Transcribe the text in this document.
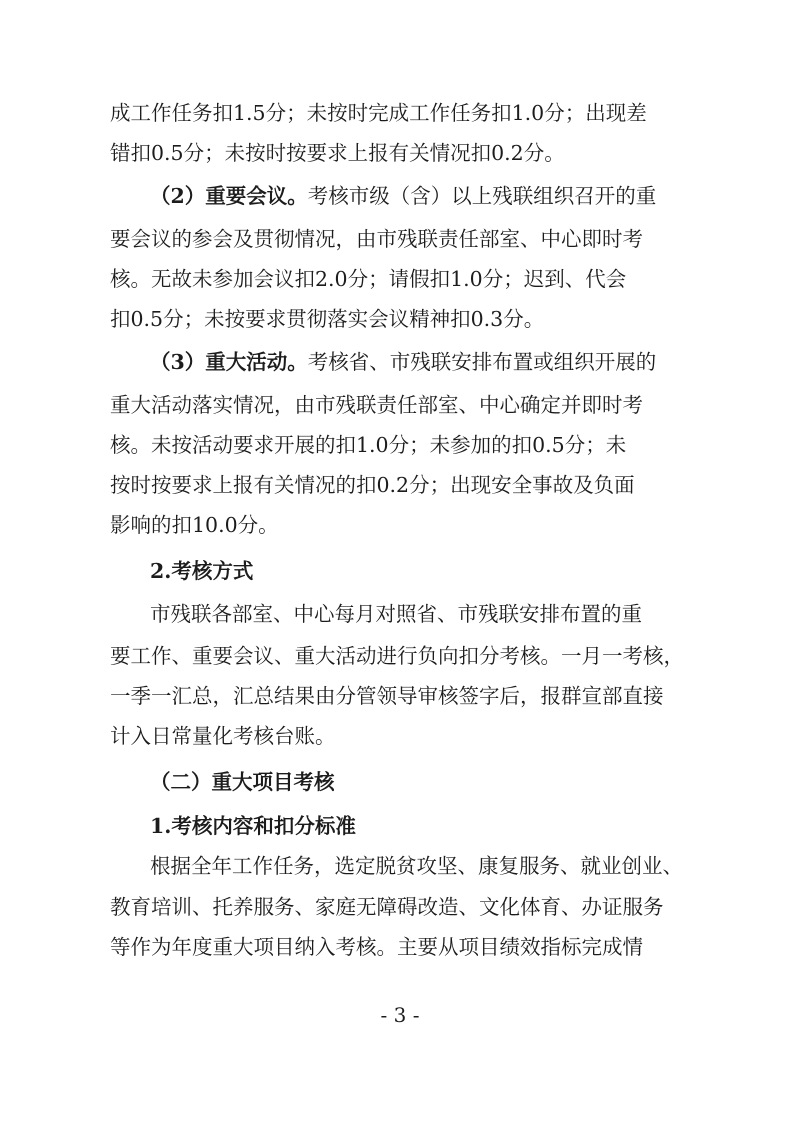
成工作任务扣1.5分；未按时完成工作任务扣1.0分；出现差
错扣0.5分；未按时按要求上报有关情况扣0.2分。
（2）重要会议。考核市级（含）以上残联组织召开的重
要会议的参会及贯彻情况，由市残联责任部室、中心即时考
核。无故未参加会议扣2.0分；请假扣1.0分；迟到、代会
扣0.5分；未按要求贯彻落实会议精神扣0.3分。
（3）重大活动。考核省、市残联安排布置或组织开展的
重大活动落实情况，由市残联责任部室、中心确定并即时考
核。未按活动要求开展的扣1.0分；未参加的扣0.5分；未
按时按要求上报有关情况的扣0.2分；出现安全事故及负面
影响的扣10.0分。
2.考核方式
市残联各部室、中心每月对照省、市残联安排布置的重
要工作、重要会议、重大活动进行负向扣分考核。一月一考核，
一季一汇总，汇总结果由分管领导审核签字后，报群宣部直接
计入日常量化考核台账。
（二）重大项目考核
1.考核内容和扣分标准
根据全年工作任务，选定脱贫攻坚、康复服务、就业创业、
教育培训、托养服务、家庭无障碍改造、文化体育、办证服务
等作为年度重大项目纳入考核。主要从项目绩效指标完成情
- 3 -
